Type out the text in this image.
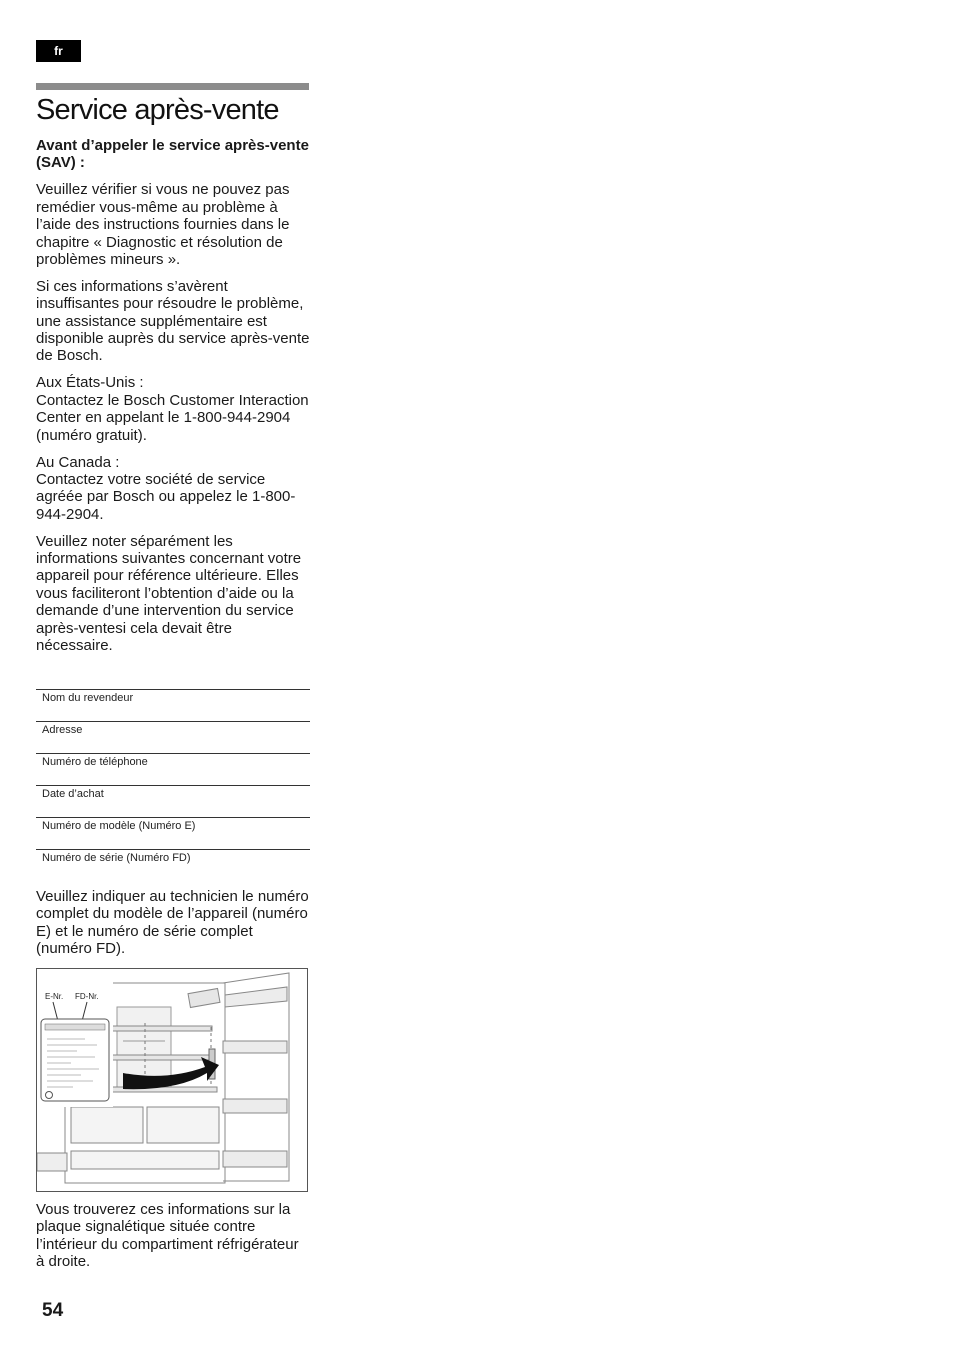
fr
Service après-vente

Avant d’appeler le service après-vente (SAV) :

Veuillez vérifier si vous ne pouvez pas remédier vous-même au problème à l’aide des instructions fournies dans le chapitre « Diagnostic et résolution de problèmes mineurs ».

Si ces informations s’avèrent insuffisantes pour résoudre le problème, une assistance supplémentaire est disponible auprès du service après-vente de Bosch.

Aux États-Unis :
Contactez le Bosch Customer Interaction Center en appelant le 1-800-944-2904 (numéro gratuit).

Au Canada :
Contactez votre société de service agréée par Bosch ou appelez le 1-800-944-2904.

Veuillez noter séparément les informations suivantes concernant votre appareil pour référence ultérieure. Elles vous faciliteront l’obtention d’aide ou la demande d’une intervention du service après-ventesi cela devait être nécessaire.

Nom du revendeur
Adresse
Numéro de téléphone
Date d’achat
Numéro de modèle (Numéro E)
Numéro de série (Numéro FD)

Veuillez indiquer au technicien le numéro complet du modèle de l’appareil (numéro E) et le numéro de série complet (numéro FD).

E-Nr. FD-Nr.

Vous trouverez ces informations sur la plaque signalétique située contre l’intérieur du compartiment réfrigérateur à droite.

54
